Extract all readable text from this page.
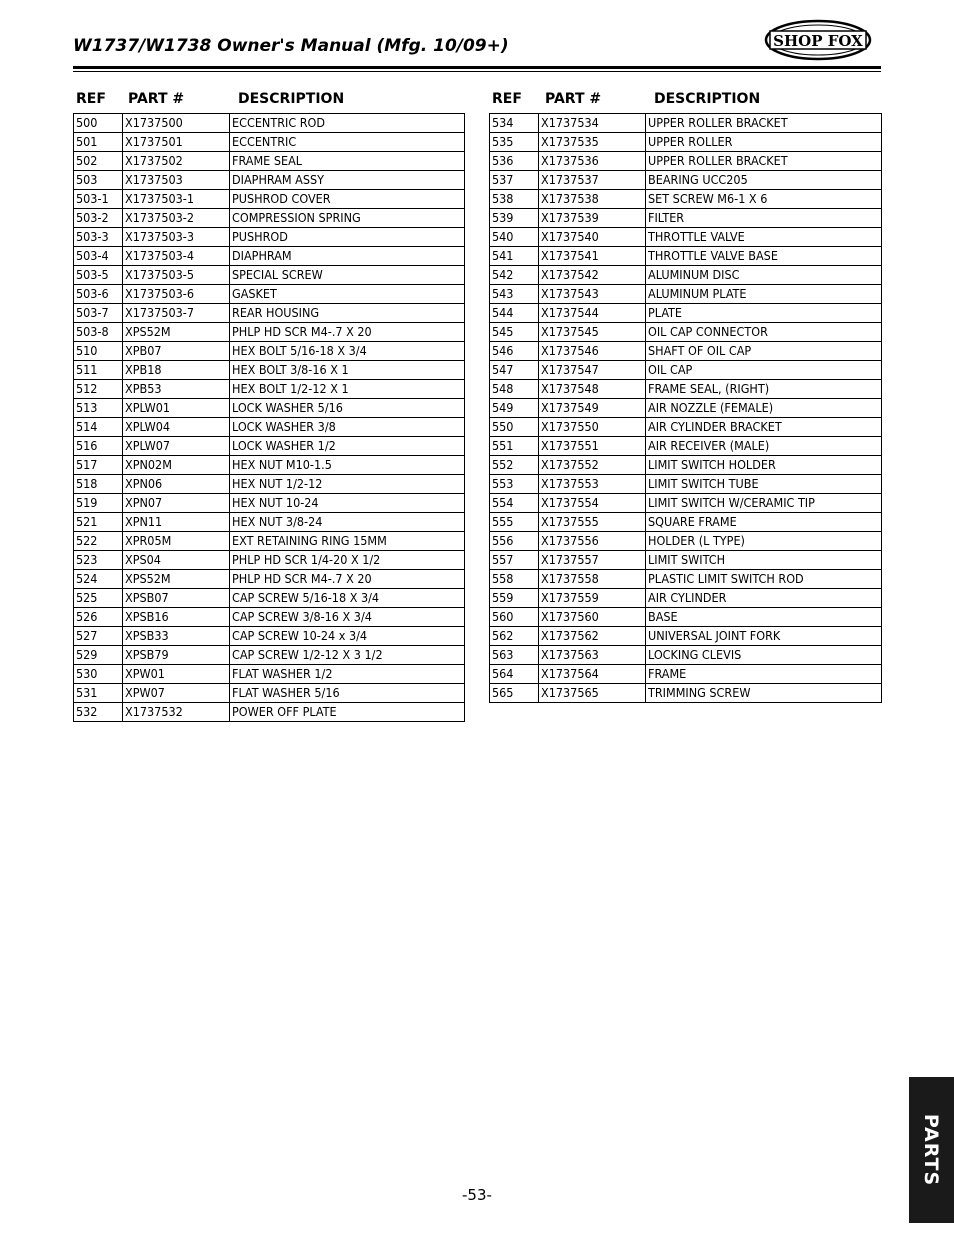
W1737/W1738 Owner's Manual (Mfg. 10/09+)	SHOP FOX
REF PART #	DESCRIPTION
500	X1737500	ECCENTRIC ROD
501	X1737501	ECCENTRIC
502	X1737502	FRAME SEAL
503	X1737503	DIAPHRAM ASSY
503-1	X1737503-1	PUSHROD COVER
503-2	X1737503-2	COMPRESSION SPRING
503-3	X1737503-3	PUSHROD
503-4	X1737503-4	DIAPHRAM
503-5	X1737503-5	SPECIAL SCREW
503-6	X1737503-6	GASKET
503-7	X1737503-7	REAR HOUSING
503-8	XPS52M	PHLP HD SCR M4-.7 X 20
510	XPB07	HEX BOLT 5/16-18 X 3/4
511	XPB18	HEX BOLT 3/8-16 X 1
512	XPB53	HEX BOLT 1/2-12 X 1
513	XPLW01	LOCK WASHER 5/16
514	XPLW04	LOCK WASHER 3/8
516	XPLW07	LOCK WASHER 1/2
517	XPN02M	HEX NUT M10-1.5
518	XPN06	HEX NUT 1/2-12
519	XPN07	HEX NUT 10-24
521	XPN11	HEX NUT 3/8-24
522	XPR05M	EXT RETAINING RING 15MM
523	XPS04	PHLP HD SCR 1/4-20 X 1/2
524	XPS52M	PHLP HD SCR M4-.7 X 20
525	XPSB07	CAP SCREW 5/16-18 X 3/4
526	XPSB16	CAP SCREW 3/8-16 X 3/4
527	XPSB33	CAP SCREW 10-24 x 3/4
529	XPSB79	CAP SCREW 1/2-12 X 3 1/2
530	XPW01	FLAT WASHER 1/2
531	XPW07	FLAT WASHER 5/16
532	X1737532	POWER OFF PLATE
REF PART #	DESCRIPTION
534	X1737534	UPPER ROLLER BRACKET
535	X1737535	UPPER ROLLER
536	X1737536	UPPER ROLLER BRACKET
537	X1737537	BEARING UCC205
538	X1737538	SET SCREW M6-1 X 6
539	X1737539	FILTER
540	X1737540	THROTTLE VALVE
541	X1737541	THROTTLE VALVE BASE
542	X1737542	ALUMINUM DISC
543	X1737543	ALUMINUM PLATE
544	X1737544	PLATE
545	X1737545	OIL CAP CONNECTOR
546	X1737546	SHAFT OF OIL CAP
547	X1737547	OIL CAP
548	X1737548	FRAME SEAL, (RIGHT)
549	X1737549	AIR NOZZLE (FEMALE)
550	X1737550	AIR CYLINDER BRACKET
551	X1737551	AIR RECEIVER (MALE)
552	X1737552	LIMIT SWITCH HOLDER
553	X1737553	LIMIT SWITCH TUBE
554	X1737554	LIMIT SWITCH W/CERAMIC TIP
555	X1737555	SQUARE FRAME
556	X1737556	HOLDER (L TYPE)
557	X1737557	LIMIT SWITCH
558	X1737558	PLASTIC LIMIT SWITCH ROD
559	X1737559	AIR CYLINDER
560	X1737560	BASE
562	X1737562	UNIVERSAL JOINT FORK
563	X1737563	LOCKING CLEVIS
564	X1737564	FRAME
565	X1737565	TRIMMING SCREW
-53-
PARTS
